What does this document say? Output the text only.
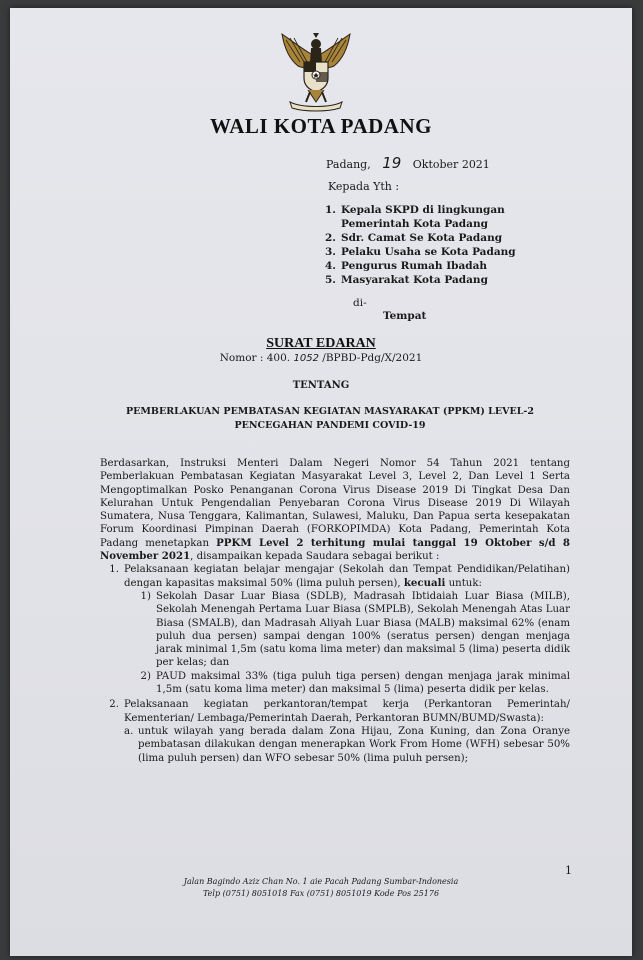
WALI KOTA PADANG
Padang, 19 Oktober 2021
Kepada Yth :
1. Kepala SKPD di lingkungan Pemerintah Kota Padang
2. Sdr. Camat Se Kota Padang
3. Pelaku Usaha se Kota Padang
4. Pengurus Rumah Ibadah
5. Masyarakat Kota Padang
di-
Tempat
SURAT EDARAN
Nomor : 400. 1052 /BPBD-Pdg/X/2021
TENTANG
PEMBERLAKUAN PEMBATASAN KEGIATAN MASYARAKAT (PPKM) LEVEL-2
PENCEGAHAN PANDEMI COVID-19

Berdasarkan, Instruksi Menteri Dalam Negeri Nomor 54 Tahun 2021 tentang Pemberlakuan Pembatasan Kegiatan Masyarakat Level 3, Level 2, Dan Level 1 Serta Mengoptimalkan Posko Penanganan Corona Virus Disease 2019 Di Tingkat Desa Dan Kelurahan Untuk Pengendalian Penyebaran Corona Virus Disease 2019 Di Wilayah Sumatera, Nusa Tenggara, Kalimantan, Sulawesi, Maluku, Dan Papua serta kesepakatan Forum Koordinasi Pimpinan Daerah (FORKOPIMDA) Kota Padang, Pemerintah Kota Padang menetapkan PPKM Level 2 terhitung mulai tanggal 19 Oktober s/d 8 November 2021, disampaikan kepada Saudara sebagai berikut :

1. Pelaksanaan kegiatan belajar mengajar (Sekolah dan Tempat Pendidikan/Pelatihan) dengan kapasitas maksimal 50% (lima puluh persen), kecuali untuk:
1) Sekolah Dasar Luar Biasa (SDLB), Madrasah Ibtidaiah Luar Biasa (MILB), Sekolah Menengah Pertama Luar Biasa (SMPLB), Sekolah Menengah Atas Luar Biasa (SMALB), dan Madrasah Aliyah Luar Biasa (MALB) maksimal 62% (enam puluh dua persen) sampai dengan 100% (seratus persen) dengan menjaga jarak minimal 1,5m (satu koma lima meter) dan maksimal 5 (lima) peserta didik per kelas; dan
2) PAUD maksimal 33% (tiga puluh tiga persen) dengan menjaga jarak minimal 1,5m (satu koma lima meter) dan maksimal 5 (lima) peserta didik per kelas.
2. Pelaksanaan kegiatan perkantoran/tempat kerja (Perkantoran Pemerintah/ Kementerian/ Lembaga/Pemerintah Daerah, Perkantoran BUMN/BUMD/Swasta):
a. untuk wilayah yang berada dalam Zona Hijau, Zona Kuning, dan Zona Oranye pembatasan dilakukan dengan menerapkan Work From Home (WFH) sebesar 50% (lima puluh persen) dan WFO sebesar 50% (lima puluh persen);
1
Jalan Bagindo Aziz Chan No. 1 aie Pacah Padang Sumbar-Indonesia
Telp (0751) 8051018 Fax (0751) 8051019 Kode Pos 25176
